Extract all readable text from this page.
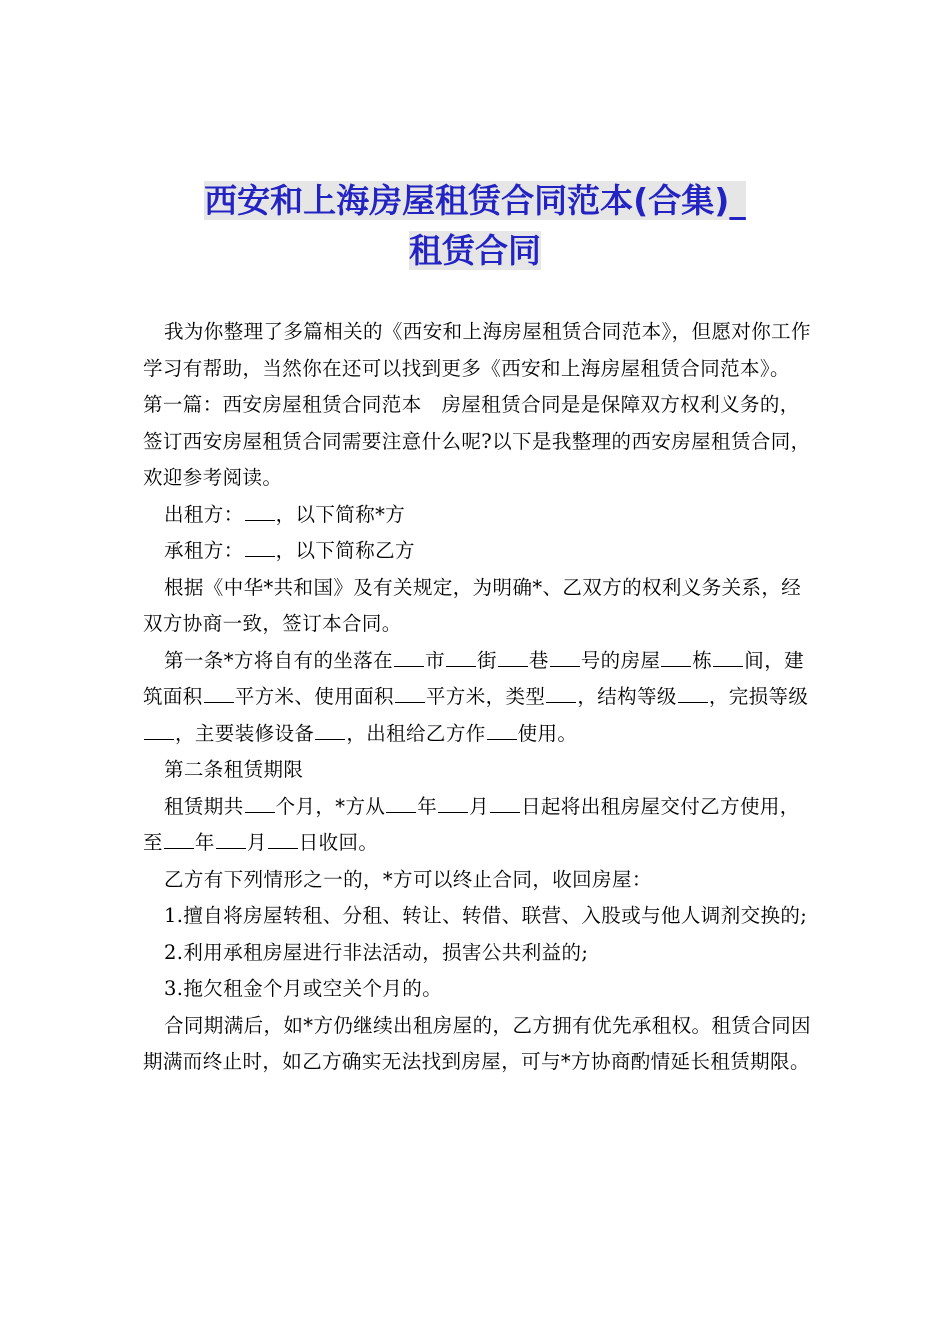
西安和上海房屋租赁合同范本(合集)_
租赁合同

我为你整理了多篇相关的《西安和上海房屋租赁合同范本》，但愿对你工作学习有帮助，当然你在还可以找到更多《西安和上海房屋租赁合同范本》。

第一篇：西安房屋租赁合同范本　房屋租赁合同是是保障双方权利义务的，签订西安房屋租赁合同需要注意什么呢?以下是我整理的西安房屋租赁合同，欢迎参考阅读。

出租方： ，以下简称*方

承租方： ，以下简称乙方

根据《中华*共和国》及有关规定，为明确*、乙双方的权利义务关系，经双方协商一致，签订本合同。

第一条*方将自有的坐落在 市 街 巷 号的房屋 栋 间，建筑面积 平方米、使用面积 平方米，类型 ，结构等级 ，完损等级，主要装修设备 ，出租给乙方作 使用。

第二条租赁期限

租赁期共 个月，*方从 年 月 日起将出租房屋交付乙方使用，至 年 月 日收回。

乙方有下列情形之一的，*方可以终止合同，收回房屋：

1.擅自将房屋转租、分租、转让、转借、联营、入股或与他人调剂交换的;

2.利用承租房屋进行非法活动，损害公共利益的;

3.拖欠租金个月或空关个月的。

合同期满后，如*方仍继续出租房屋的，乙方拥有优先承租权。租赁合同因期满而终止时，如乙方确实无法找到房屋，可与*方协商酌情延长租赁期限。
